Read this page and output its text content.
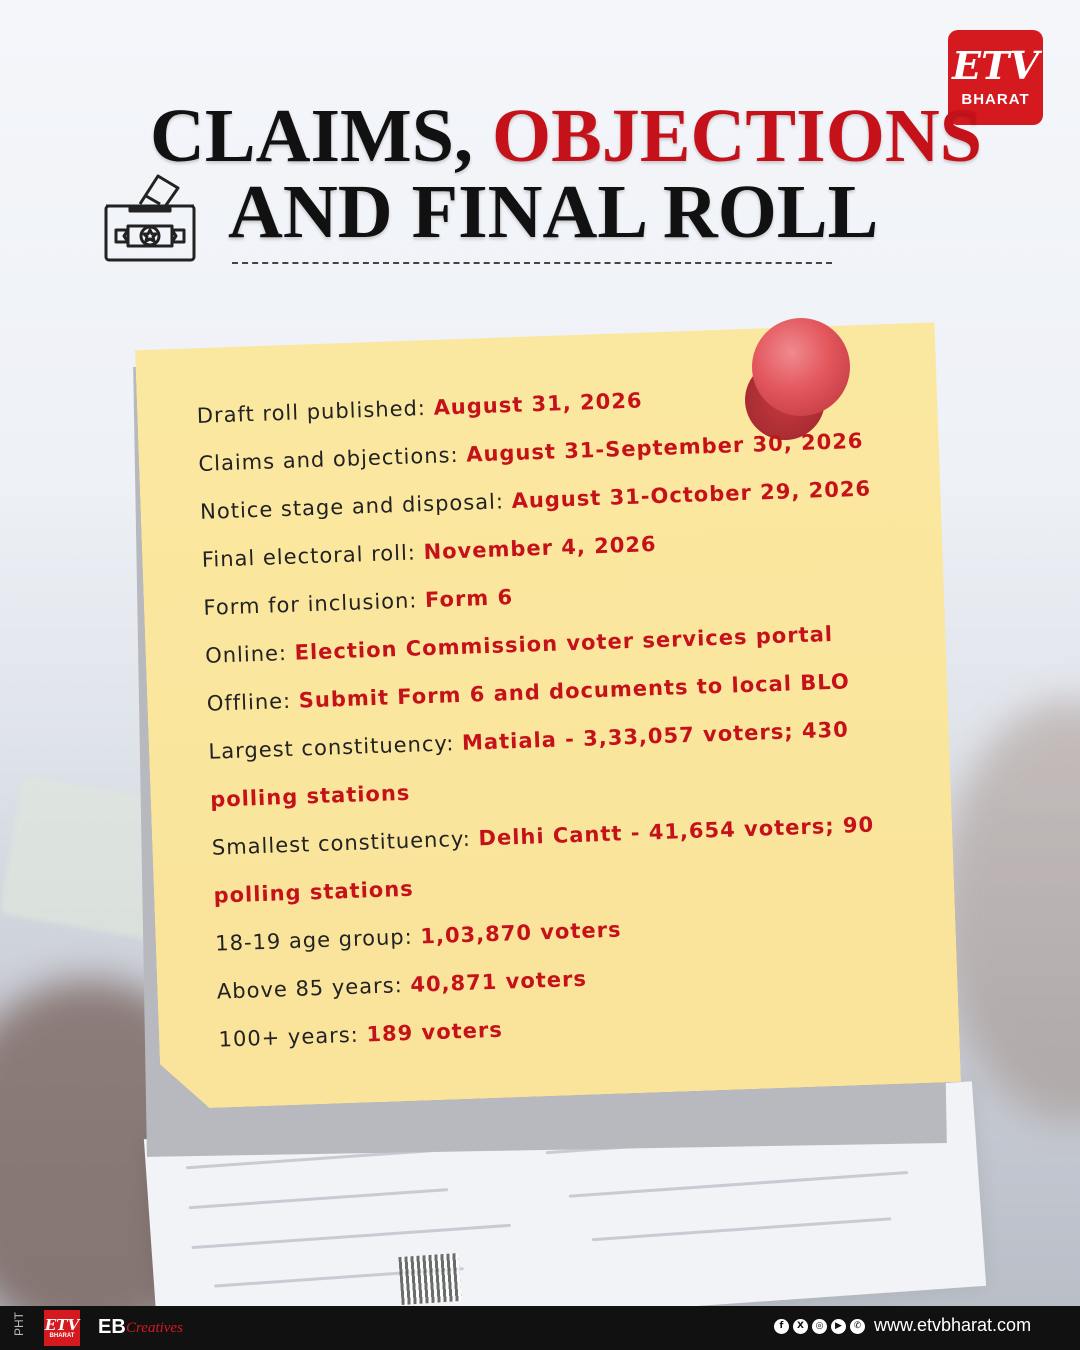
ETV
BHARAT
CLAIMS, OBJECTIONS
AND FINAL ROLL
Draft roll published: August 31, 2026
Claims and objections: August 31-September 30, 2026
Notice stage and disposal: August 31-October 29, 2026
Final electoral roll: November 4, 2026
Form for inclusion: Form 6
Online: Election Commission voter services portal
Offline: Submit Form 6 and documents to local BLO
Largest constituency: Matiala - 3,33,057 voters; 430
polling stations
Smallest constituency: Delhi Cantt - 41,654 voters; 90
polling stations
18-19 age group: 1,03,870 voters
Above 85 years: 40,871 voters
100+ years: 189 voters
PHT ETV
BHARAT EB Creatives	f	X	◎	▶	✆ www.etvbharat.com
